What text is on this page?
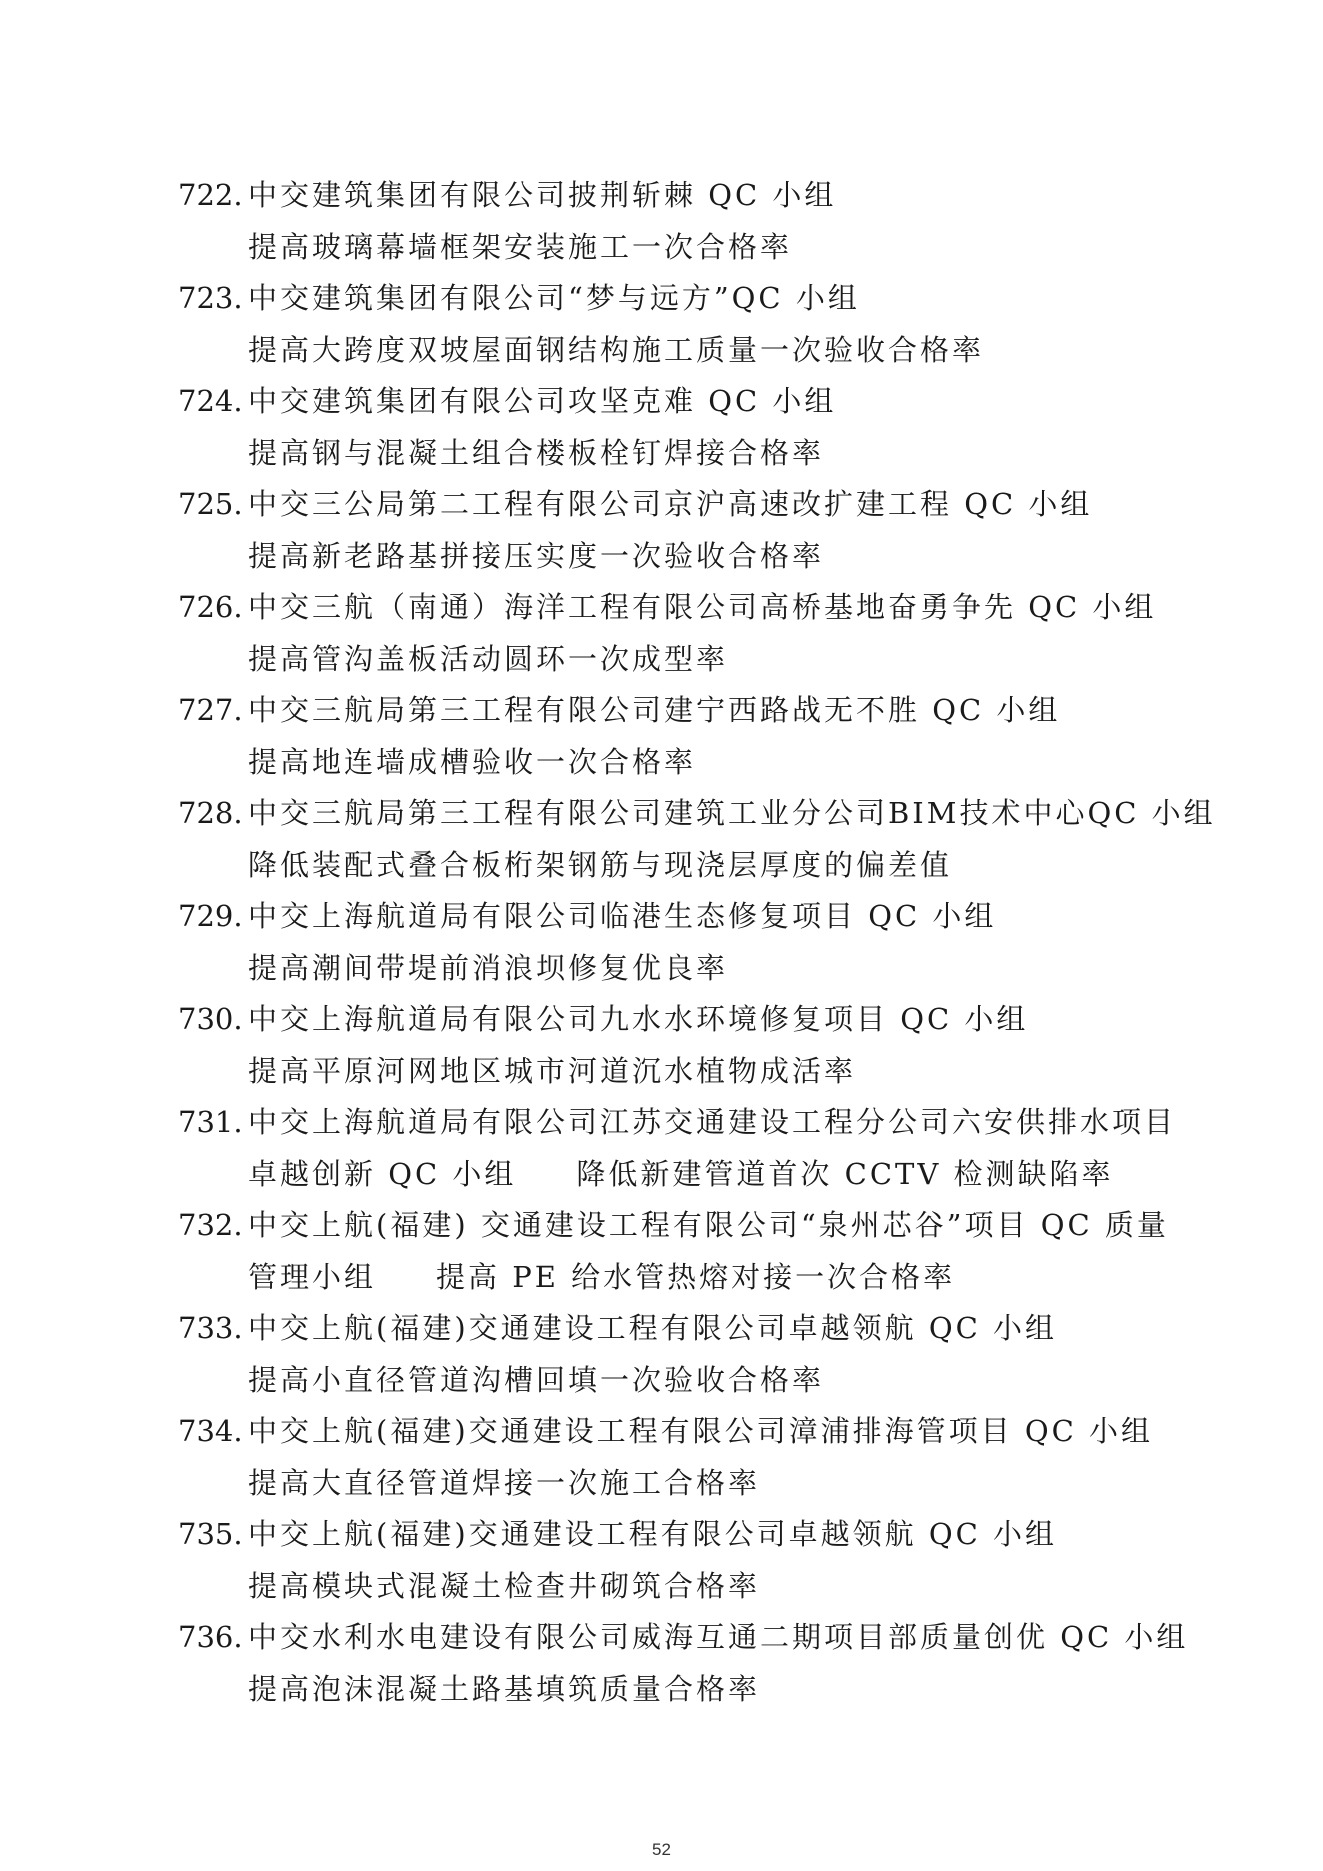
722. 中交建筑集团有限公司披荆斩棘 QC 小组
提高玻璃幕墙框架安装施工一次合格率
723. 中交建筑集团有限公司“梦与远方”QC 小组
提高大跨度双坡屋面钢结构施工质量一次验收合格率
724. 中交建筑集团有限公司攻坚克难 QC 小组
提高钢与混凝土组合楼板栓钉焊接合格率
725. 中交三公局第二工程有限公司京沪高速改扩建工程 QC 小组
提高新老路基拼接压实度一次验收合格率
726. 中交三航（南通）海洋工程有限公司高桥基地奋勇争先 QC 小组
提高管沟盖板活动圆环一次成型率
727. 中交三航局第三工程有限公司建宁西路战无不胜 QC 小组
提高地连墙成槽验收一次合格率
728. 中交三航局第三工程有限公司建筑工业分公司BIM技术中心QC 小组
降低装配式叠合板桁架钢筋与现浇层厚度的偏差值
729. 中交上海航道局有限公司临港生态修复项目 QC 小组
提高潮间带堤前消浪坝修复优良率
730. 中交上海航道局有限公司九水水环境修复项目 QC 小组
提高平原河网地区城市河道沉水植物成活率
731. 中交上海航道局有限公司江苏交通建设工程分公司六安供排水项目
卓越创新 QC 小组 降低新建管道首次 CCTV 检测缺陷率
732. 中交上航(福建) 交通建设工程有限公司“泉州芯谷”项目 QC 质量
管理小组 提高 PE 给水管热熔对接一次合格率
733. 中交上航(福建)交通建设工程有限公司卓越领航 QC 小组
提高小直径管道沟槽回填一次验收合格率
734. 中交上航(福建)交通建设工程有限公司漳浦排海管项目 QC 小组
提高大直径管道焊接一次施工合格率
735. 中交上航(福建)交通建设工程有限公司卓越领航 QC 小组
提高模块式混凝土检查井砌筑合格率
736. 中交水利水电建设有限公司威海互通二期项目部质量创优 QC 小组
提高泡沫混凝土路基填筑质量合格率
52
